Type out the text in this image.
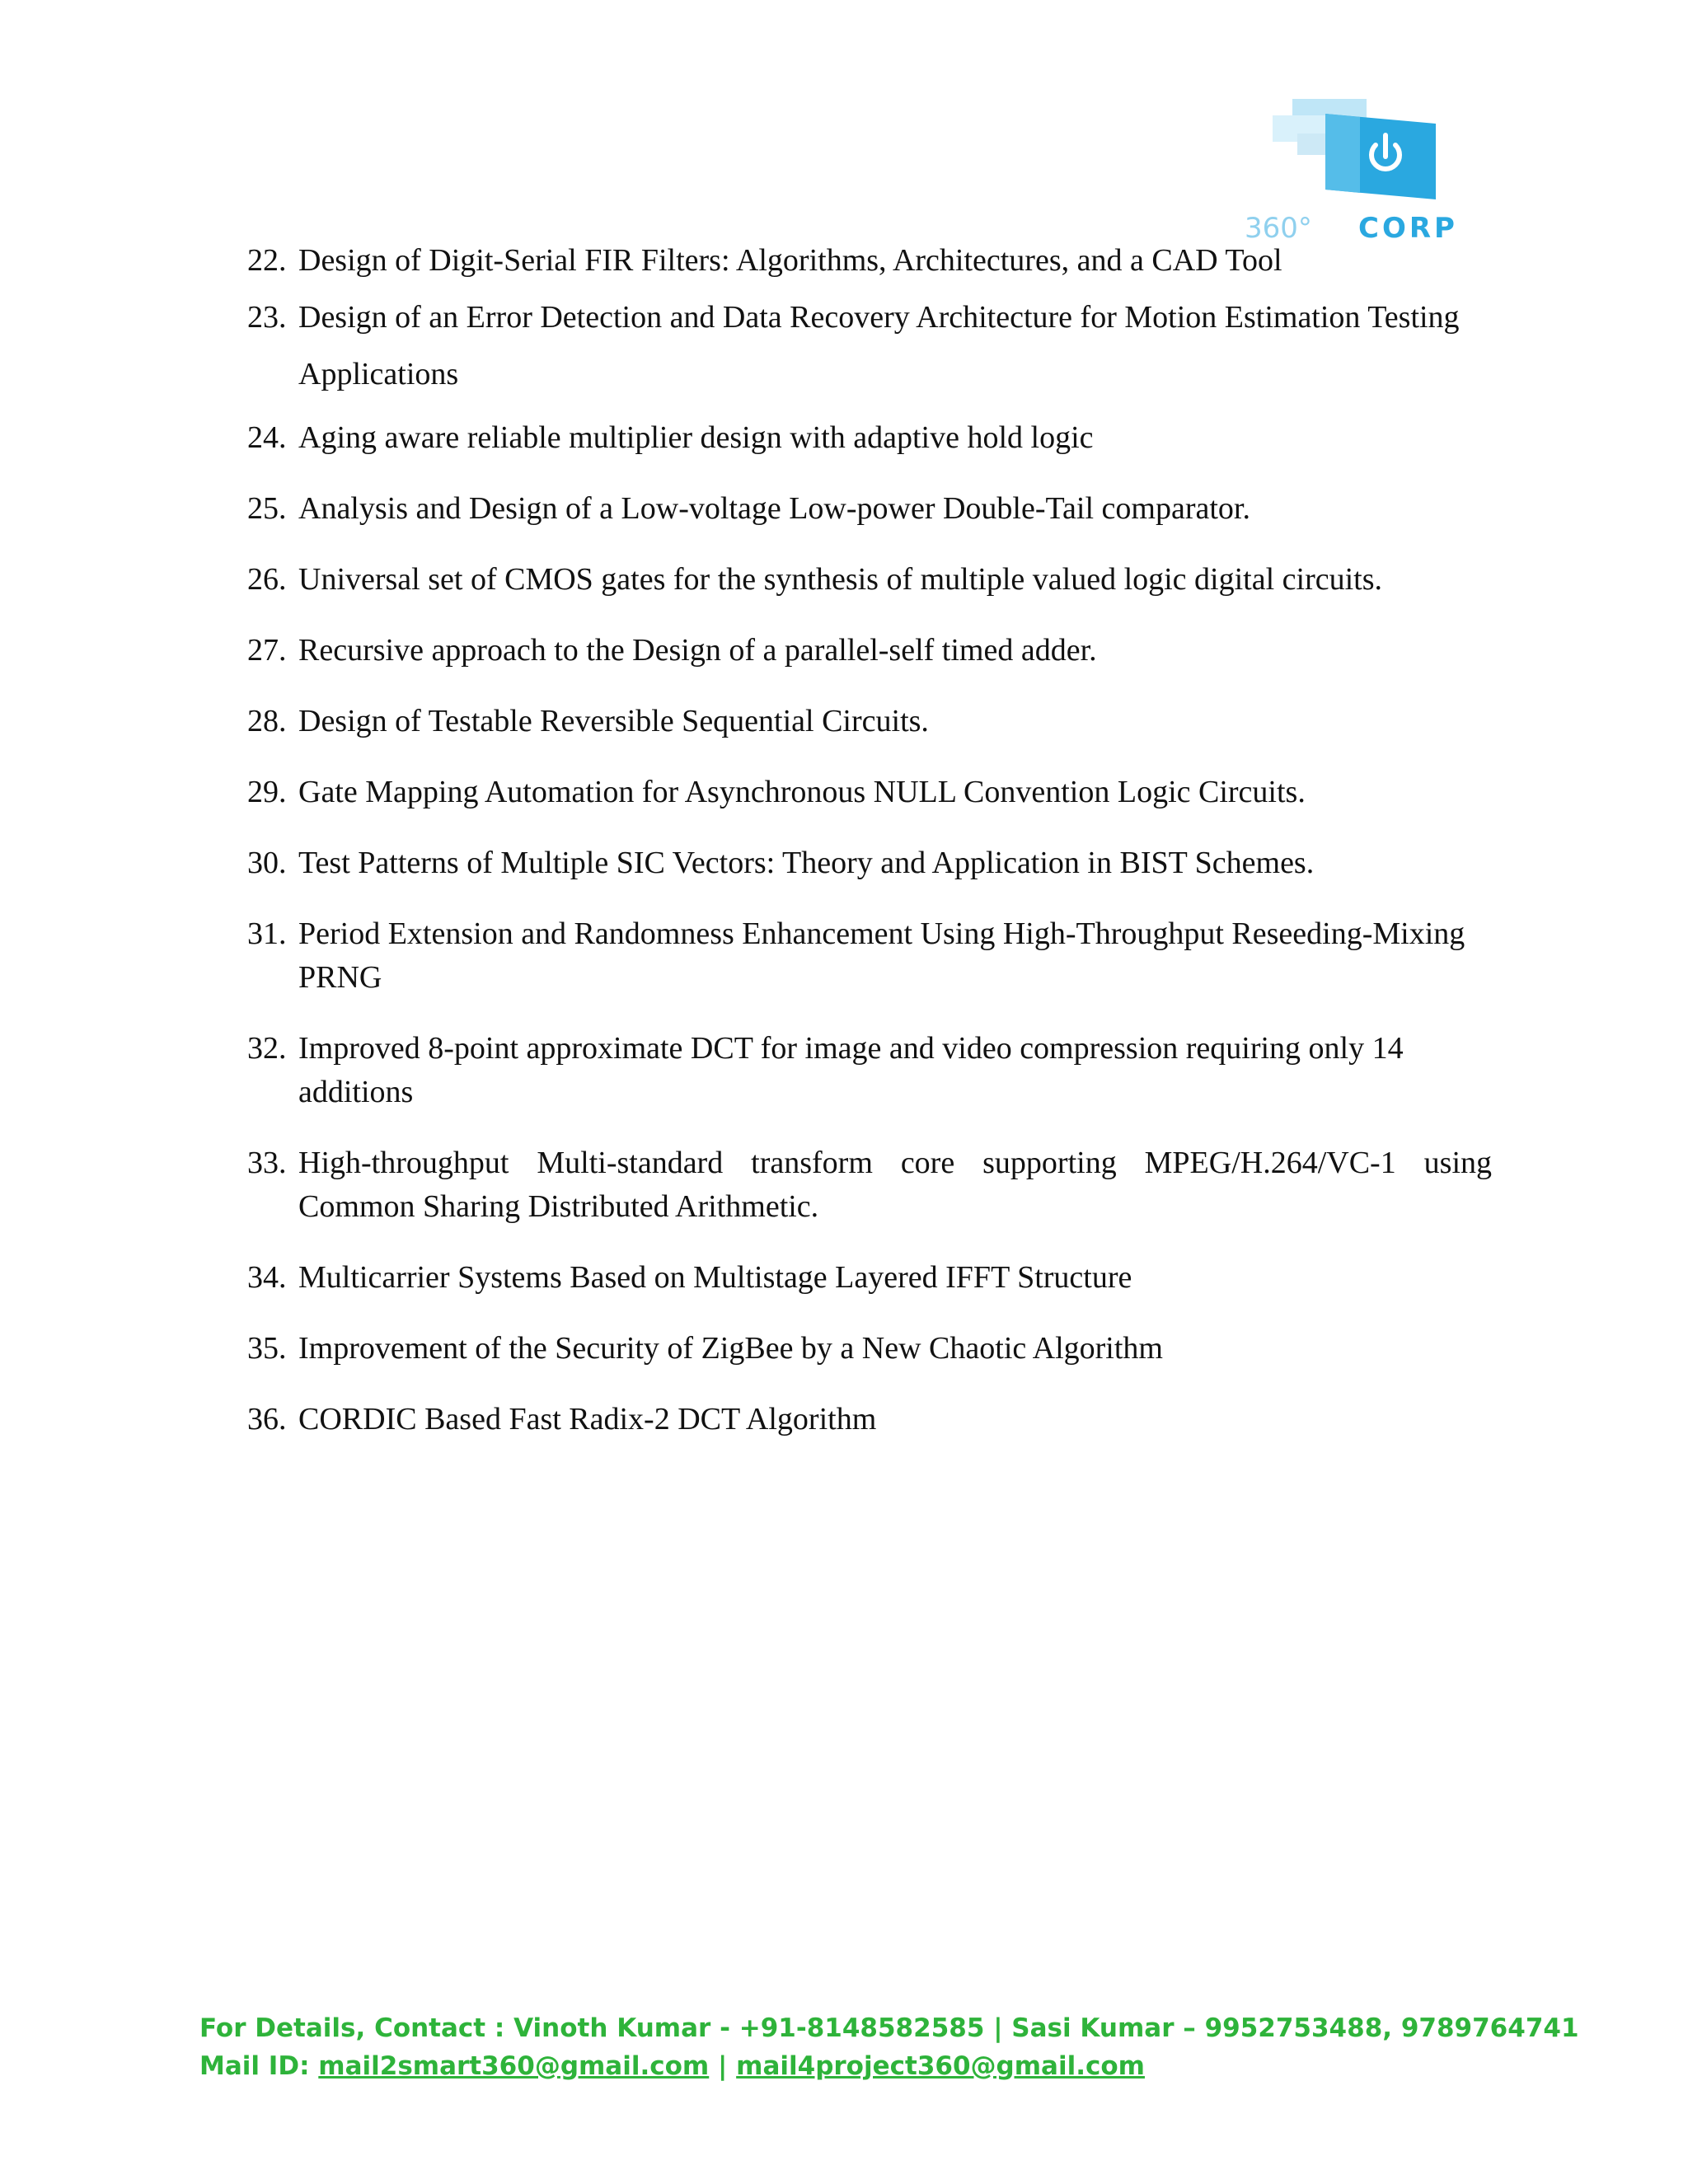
360° CORP
22. Design of Digit-Serial FIR Filters: Algorithms, Architectures, and a CAD Tool
23. Design of an Error Detection and Data Recovery Architecture for Motion Estimation Testing Applications
24. Aging aware reliable multiplier design with adaptive hold logic
25. Analysis and Design of a Low-voltage Low-power Double-Tail comparator.
26. Universal set of CMOS gates for the synthesis of multiple valued logic digital circuits.
27. Recursive approach to the Design of a parallel-self timed adder.
28. Design of Testable Reversible Sequential Circuits.
29. Gate Mapping Automation for Asynchronous NULL Convention Logic Circuits.
30. Test Patterns of Multiple SIC Vectors: Theory and Application in BIST Schemes.
31. Period Extension and Randomness Enhancement Using High-Throughput Reseeding-Mixing PRNG
32. Improved 8-point approximate DCT for image and video compression requiring only 14 additions
33. High-throughput Multi-standard transform core supporting MPEG/H.264/VC-1 using Common Sharing Distributed Arithmetic.
34. Multicarrier Systems Based on Multistage Layered IFFT Structure
35. Improvement of the Security of ZigBee by a New Chaotic Algorithm
36. CORDIC Based Fast Radix-2 DCT Algorithm
For Details, Contact : Vinoth Kumar - +91-8148582585 | Sasi Kumar – 9952753488, 9789764741
Mail ID: mail2smart360@gmail.com | mail4project360@gmail.com
